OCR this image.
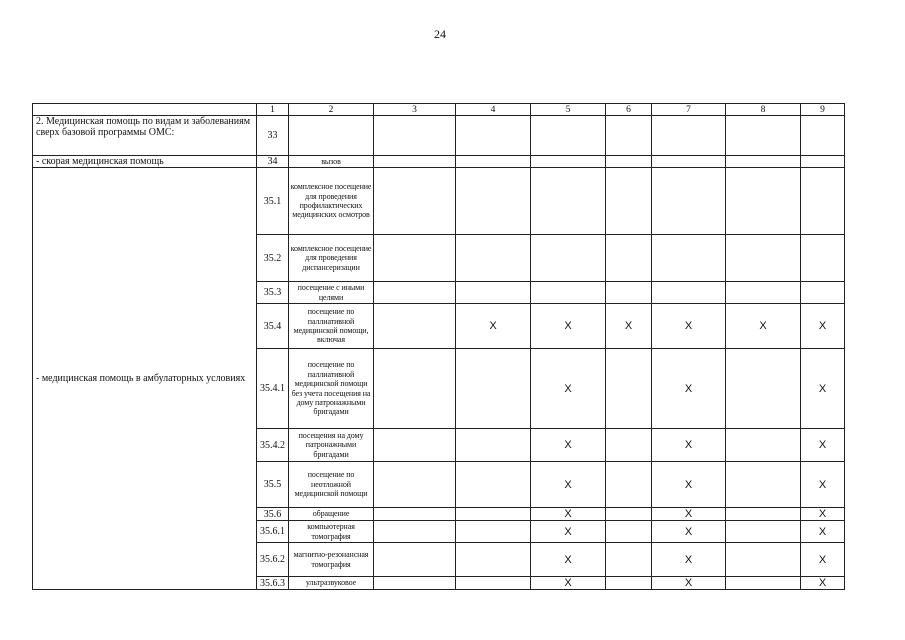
24
	1	2	3	4	5	6	7	8	9
2. Медицинская помощь по видам и заболеваниям сверх базовой программы ОМС:	33								
- скорая медицинская помощь	34	вызов							
- медицинская помощь в амбулаторных условиях	35.1	комплексное посещение для проведения профилактических медицинских осмотров							
	35.2	комплексное посещение для проведения диспансеризации							
	35.3	посещение с иными целями							
	35.4	посещение по паллиативной медицинской помощи, включая		X	X	X	X	X	X
	35.4.1	посещение по паллиативной медицинской помощи без учета посещения на дому патронажными бригадами			X		X		X
	35.4.2	посещения на дому патронажными бригадами			X		X		X
	35.5	посещение по неотложной медицинской помощи			X		X		X
	35.6	обращение			X		X		X
	35.6.1	компьютерная томография			X		X		X
	35.6.2	магнитно-резонансная томография			X		X		X
	35.6.3	ультразвуковое			X		X		X
